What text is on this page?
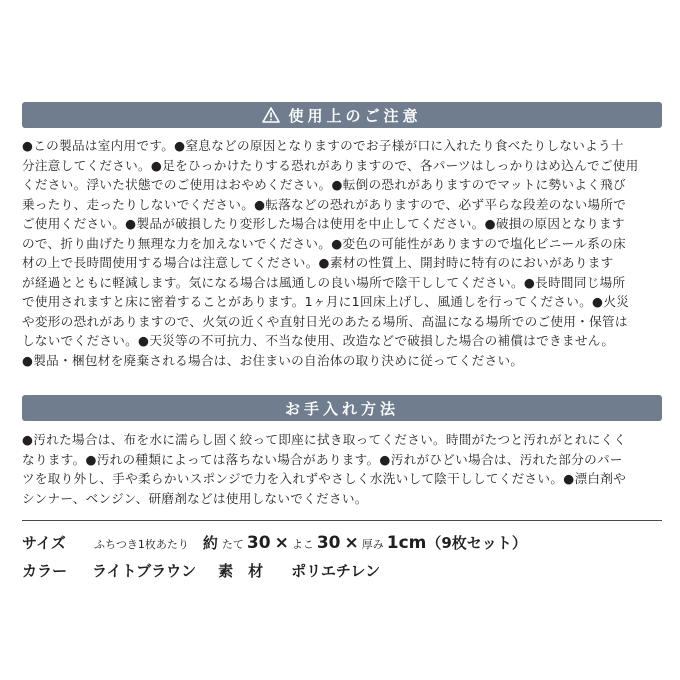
使用上のご注意
●この製品は室内用です。●窒息などの原因となりますのでお子様が口に入れたり食べたりしないよう十
分注意してください。●足をひっかけたりする恐れがありますので、各パーツはしっかりはめ込んでご使用
ください。浮いた状態でのご使用はおやめください。●転倒の恐れがありますのでマットに勢いよく飛び
乗ったり、走ったりしないでください。●転落などの恐れがありますので、必ず平らな段差のない場所で
ご使用ください。●製品が破損したり変形した場合は使用を中止してください。●破損の原因となります
ので、折り曲げたり無理な力を加えないでください。●変色の可能性がありますので塩化ビニール系の床
材の上で長時間使用する場合は注意してください。●素材の性質上、開封時に特有のにおいがあります
が経過とともに軽減します。気になる場合は風通しの良い場所で陰干ししてください。●長時間同じ場所
で使用されますと床に密着することがあります。1ヶ月に1回床上げし、風通しを行ってください。●火災
や変形の恐れがありますので、火気の近くや直射日光のあたる場所、高温になる場所でのご使用・保管は
しないでください。●天災等の不可抗力、不当な使用、改造などで破損した場合の補償はできません。
●製品・梱包材を廃棄される場合は、お住まいの自治体の取り決めに従ってください。
お手入れ方法
●汚れた場合は、布を水に濡らし固く絞って即座に拭き取ってください。時間がたつと汚れがとれにくく
なります。●汚れの種類によっては落ちない場合があります。●汚れがひどい場合は、汚れた部分のパー
ツを取り外し、手や柔らかいスポンジで力を入れずやさしく水洗いして陰干ししてください。●漂白剤や
シンナー、ベンジン、研磨剤などは使用しないでください。
サイズ	ふちつき1枚あたり 約 たて 30 × よこ 30 × 厚み 1cm （9枚セット）
カラー	ライトブラウン 素　材 ポリエチレン
